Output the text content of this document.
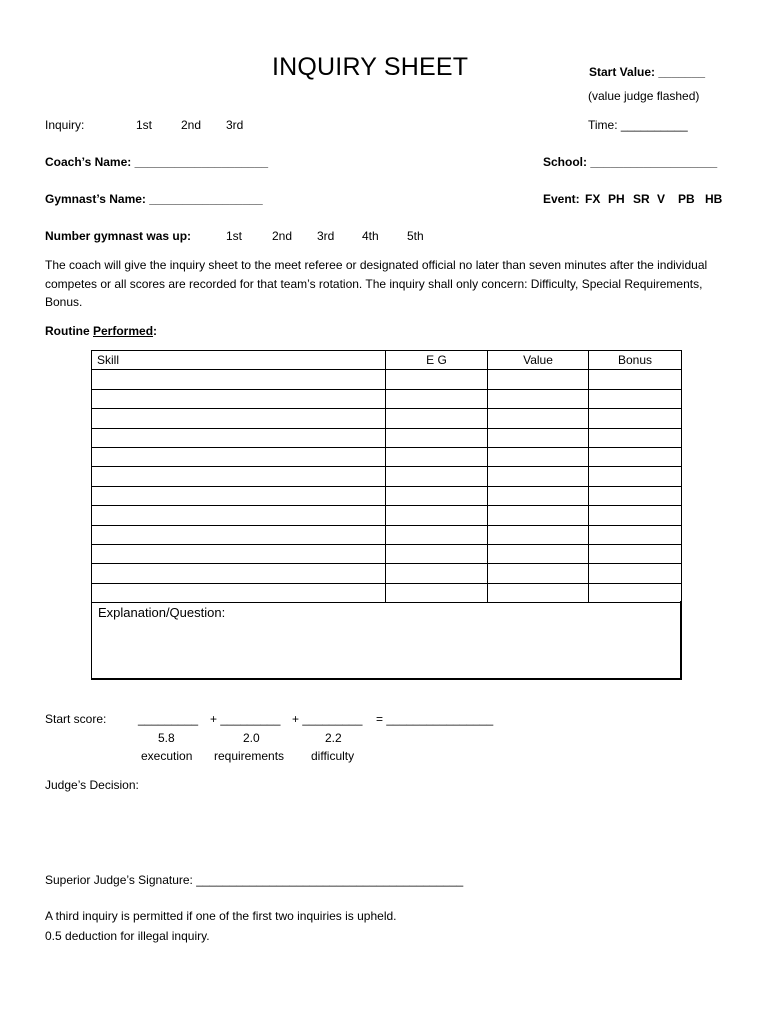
INQUIRY SHEET	Start Value: _______
(value judge flashed)
Inquiry:	1st 2nd 3rd	Time: __________
Coach’s Name: ____________________	School: ___________________
Gymnast’s Name: _________________	Event: FX PH SR V PB HB
Number gymnast was up:	1st 2nd 3rd 4th 5th
The coach will give the inquiry sheet to the meet referee or designated official no later than seven minutes after the individual competes or all scores are recorded for that team’s rotation. The inquiry shall only concern: Difficulty, Special Requirements, Bonus.
Routine Performed:
Skill	E G	Value	Bonus

Explanation/Question:
Start score:	_________ + _________ + _________ = ________________
5.8	2.0	2.2
execution requirements difficulty
Judge’s Decision:
Superior Judge’s Signature: ________________________________________
A third inquiry is permitted if one of the first two inquiries is upheld.
0.5 deduction for illegal inquiry.
